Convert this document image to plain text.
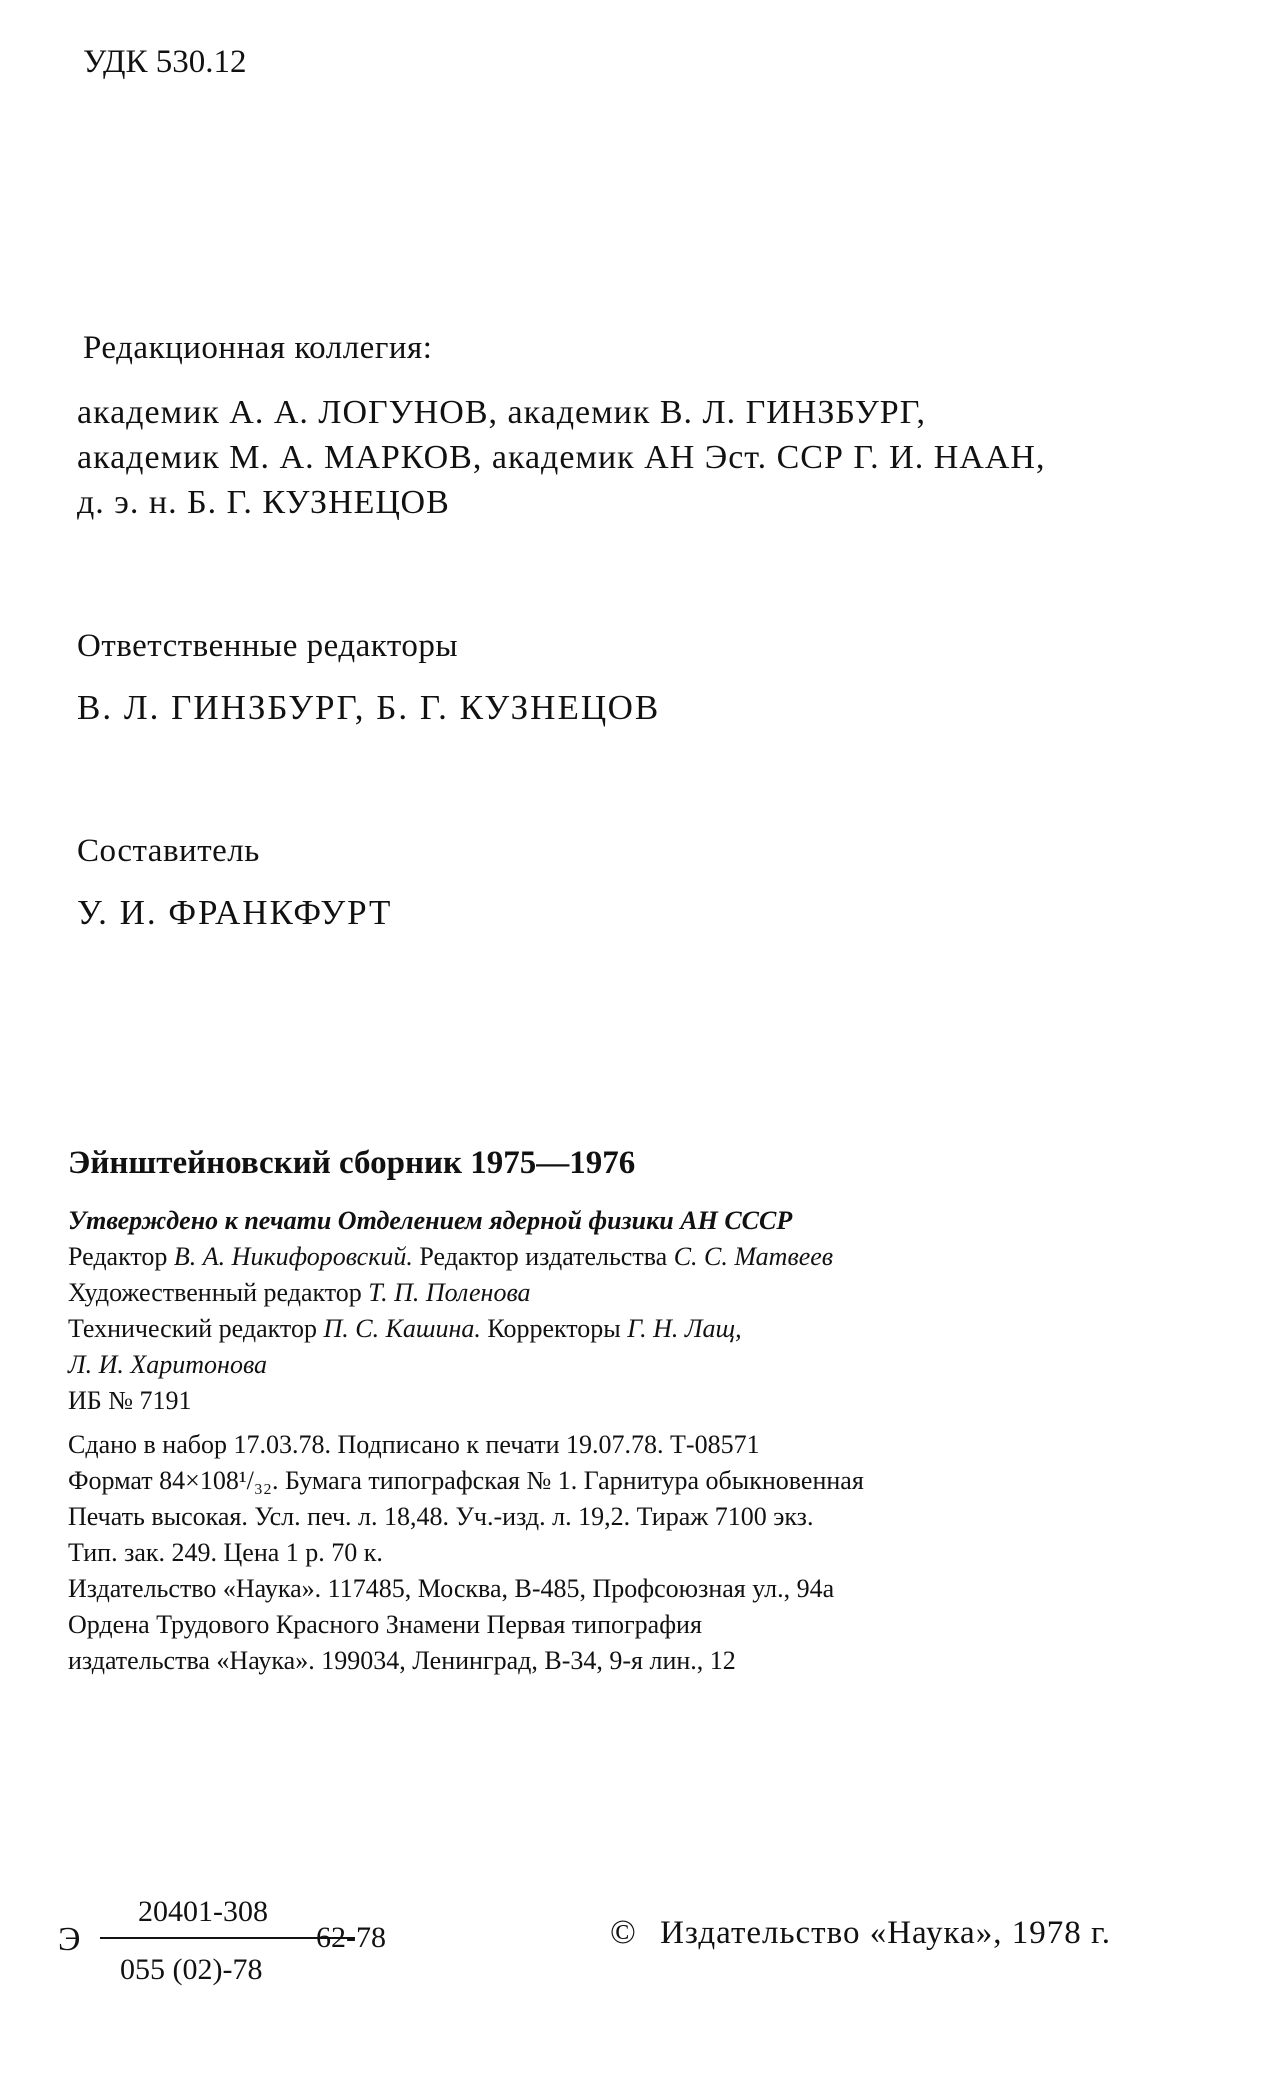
УДК 530.12
Редакционная коллегия:
академик А. А. ЛОГУНОВ, академик В. Л. ГИНЗБУРГ,
академик М. А. МАРКОВ, академик АН Эст. ССР Г. И. НААН,
д. э. н. Б. Г. КУЗНЕЦОВ
Ответственные редакторы
В. Л. ГИНЗБУРГ, Б. Г. КУЗНЕЦОВ
Составитель
У. И. ФРАНКФУРТ
Эйнштейновский сборник 1975—1976
Утверждено к печати Отделением ядерной физики АН СССР
Редактор В. А. Никифоровский. Редактор издательства С. С. Матвеев
Художественный редактор Т. П. Поленова
Технический редактор П. С. Кашина. Корректоры Г. Н. Лащ,
Л. И. Харитонова
ИБ № 7191
Сдано в набор 17.03.78. Подписано к печати 19.07.78. Т-08571
Формат 84×108¹/₃₂. Бумага типографская № 1. Гарнитура обыкновенная
Печать высокая. Усл. печ. л. 18,48. Уч.-изд. л. 19,2. Тираж 7100 экз.
Тип. зак. 249. Цена 1 р. 70 к.
Издательство «Наука». 117485, Москва, В-485, Профсоюзная ул., 94а
Ордена Трудового Красного Знамени Первая типография
издательства «Наука». 199034, Ленинград, В-34, 9-я лин., 12
Э
20401-308
055 (02)-78
62-78	© Издательство «Наука», 1978 г.
